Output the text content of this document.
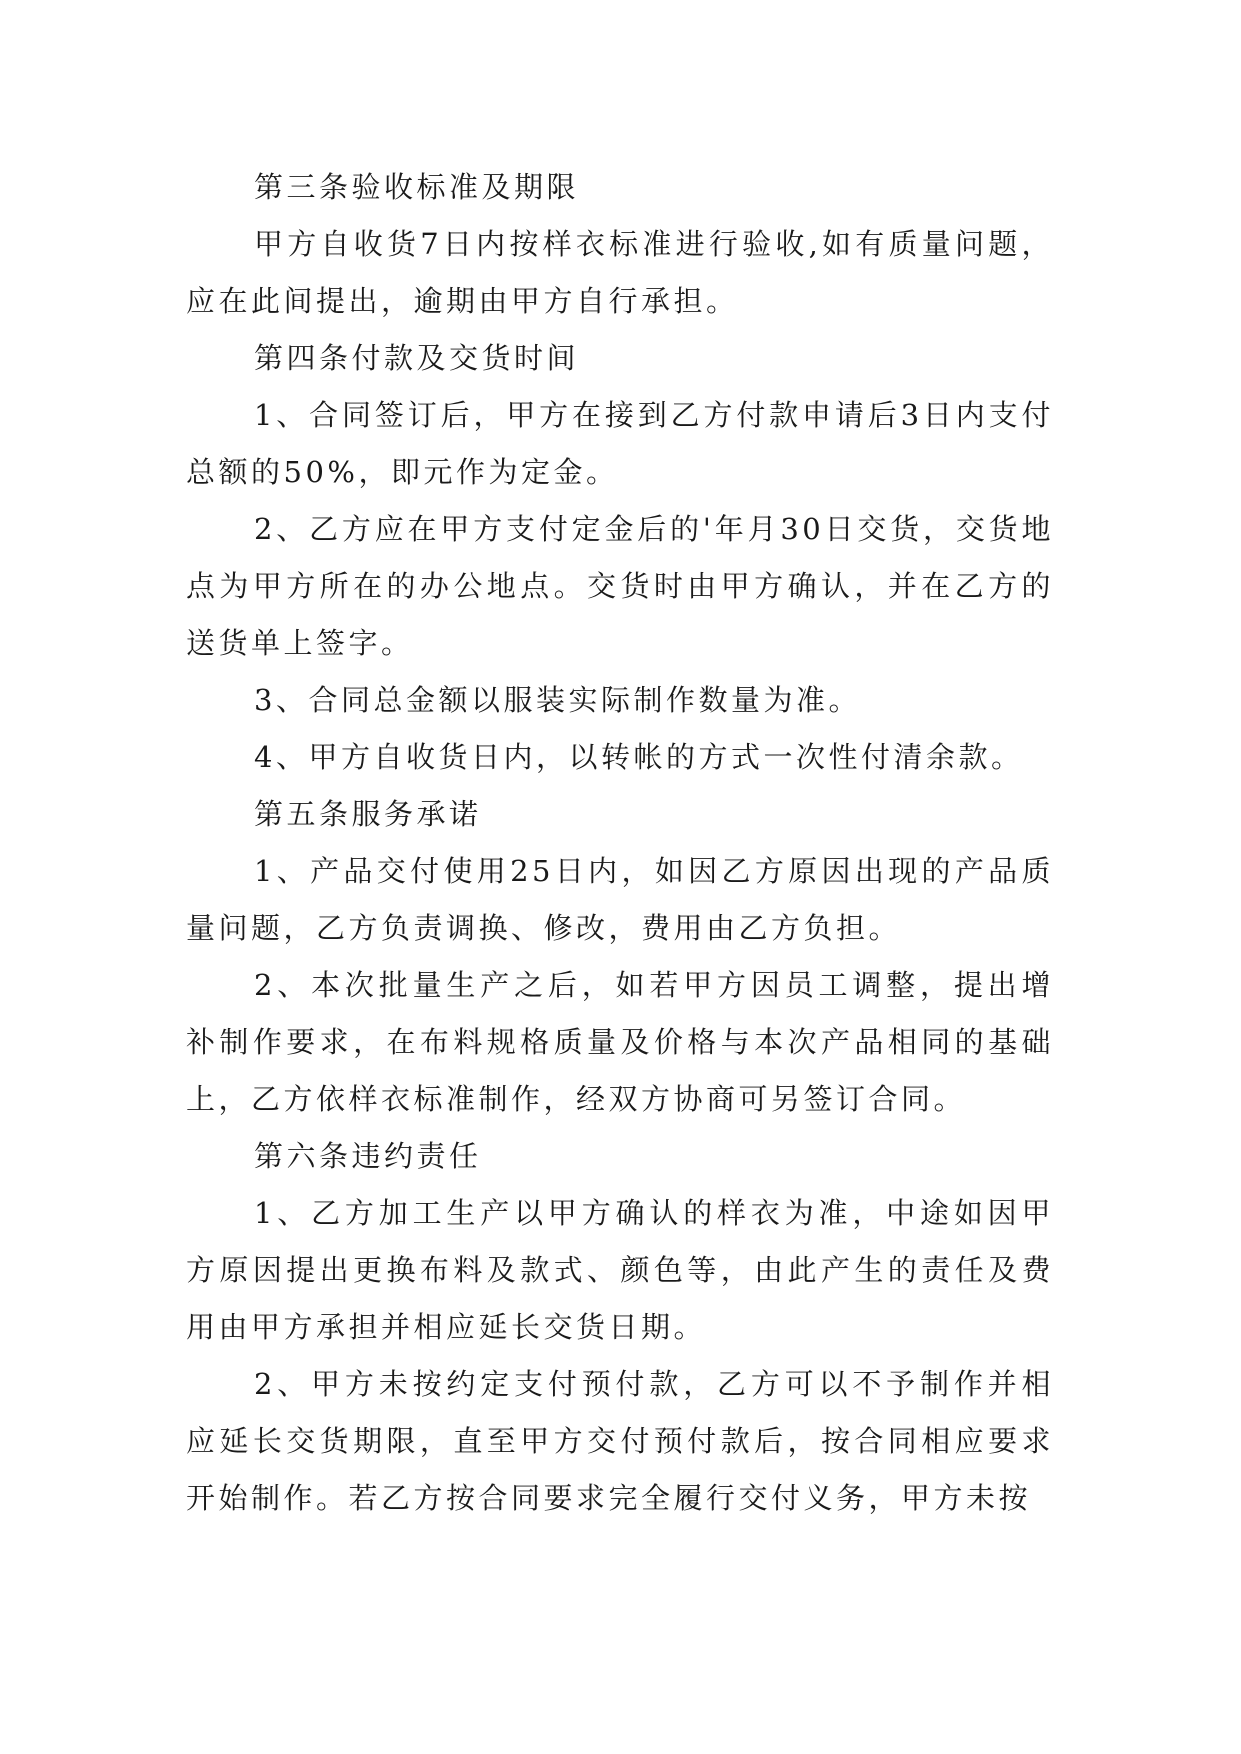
第三条验收标准及期限

甲方自收货7日内按样衣标准进行验收,如有质量问题，应在此间提出，逾期由甲方自行承担。

第四条付款及交货时间

1、合同签订后，甲方在接到乙方付款申请后3日内支付总额的50%，即元作为定金。

2、乙方应在甲方支付定金后的'年月30日交货，交货地点为甲方所在的办公地点。交货时由甲方确认，并在乙方的送货单上签字。

3、合同总金额以服装实际制作数量为准。

4、甲方自收货日内，以转帐的方式一次性付清余款。

第五条服务承诺

1、产品交付使用25日内，如因乙方原因出现的产品质量问题，乙方负责调换、修改，费用由乙方负担。

2、本次批量生产之后，如若甲方因员工调整，提出增补制作要求，在布料规格质量及价格与本次产品相同的基础上，乙方依样衣标准制作，经双方协商可另签订合同。

第六条违约责任

1、乙方加工生产以甲方确认的样衣为准，中途如因甲方原因提出更换布料及款式、颜色等，由此产生的责任及费用由甲方承担并相应延长交货日期。

2、甲方未按约定支付预付款，乙方可以不予制作并相应延长交货期限，直至甲方交付预付款后，按合同相应要求开始制作。若乙方按合同要求完全履行交付义务，甲方未按
